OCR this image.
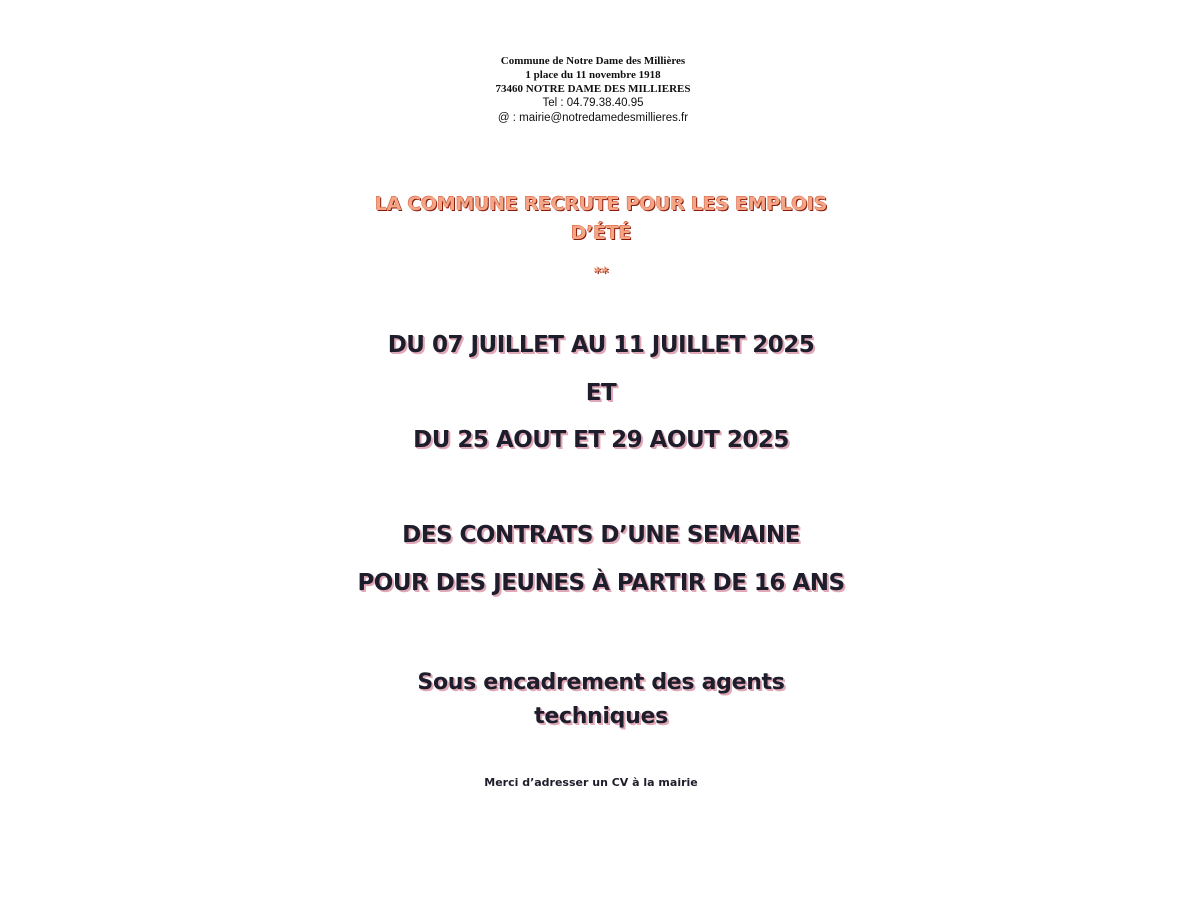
Commune de Notre Dame des Millières
1 place du 11 novembre 1918
73460 NOTRE DAME DES MILLIERES
Tel : 04.79.38.40.95
@ : mairie@notredamedesmillieres.fr
LA COMMUNE RECRUTE POUR LES EMPLOIS
D’ÉTÉ
**
DU 07 JUILLET AU 11 JUILLET 2025
ET
DU 25 AOUT ET 29 AOUT 2025
DES CONTRATS D’UNE SEMAINE
POUR DES JEUNES À PARTIR DE 16 ANS
Sous encadrement des agents
techniques
Merci d’adresser un CV à la mairie
